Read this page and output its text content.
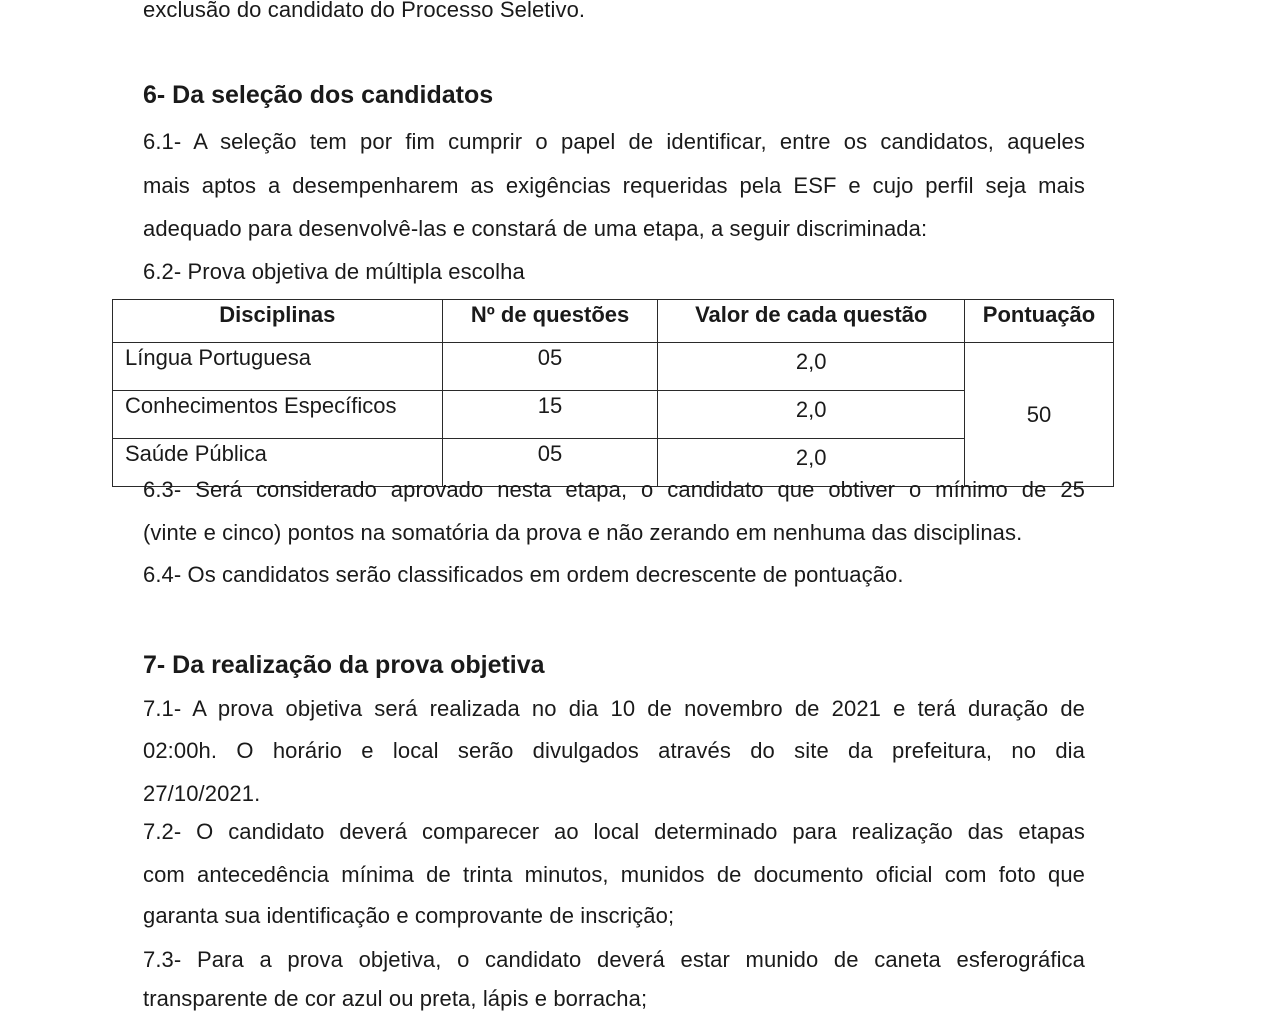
exclusão do candidato do Processo Seletivo.
6- Da seleção dos candidatos
6.1- A seleção tem por fim cumprir o papel de identificar, entre os candidatos, aqueles
mais aptos a desempenharem as exigências requeridas pela ESF e cujo perfil seja mais
adequado para desenvolvê-las e constará de uma etapa, a seguir discriminada:
6.2- Prova objetiva de múltipla escolha
Disciplinas	Nº de questões	Valor de cada questão	Pontuação
Língua Portuguesa	05	2,0	50
Conhecimentos Específicos	15	2,0	
Saúde Pública	05	2,0	
6.3- Será considerado aprovado nesta etapa, o candidato que obtiver o mínimo de 25
(vinte e cinco) pontos na somatória da prova e não zerando em nenhuma das disciplinas.
6.4- Os candidatos serão classificados em ordem decrescente de pontuação.
7- Da realização da prova objetiva
7.1- A prova objetiva será realizada no dia 10 de novembro de 2021 e terá duração de
02:00h. O horário e local serão divulgados através do site da prefeitura, no dia
27/10/2021.
7.2- O candidato deverá comparecer ao local determinado para realização das etapas
com antecedência mínima de trinta minutos, munidos de documento oficial com foto que
garanta sua identificação e comprovante de inscrição;
7.3- Para a prova objetiva, o candidato deverá estar munido de caneta esferográfica
transparente de cor azul ou preta, lápis e borracha;
